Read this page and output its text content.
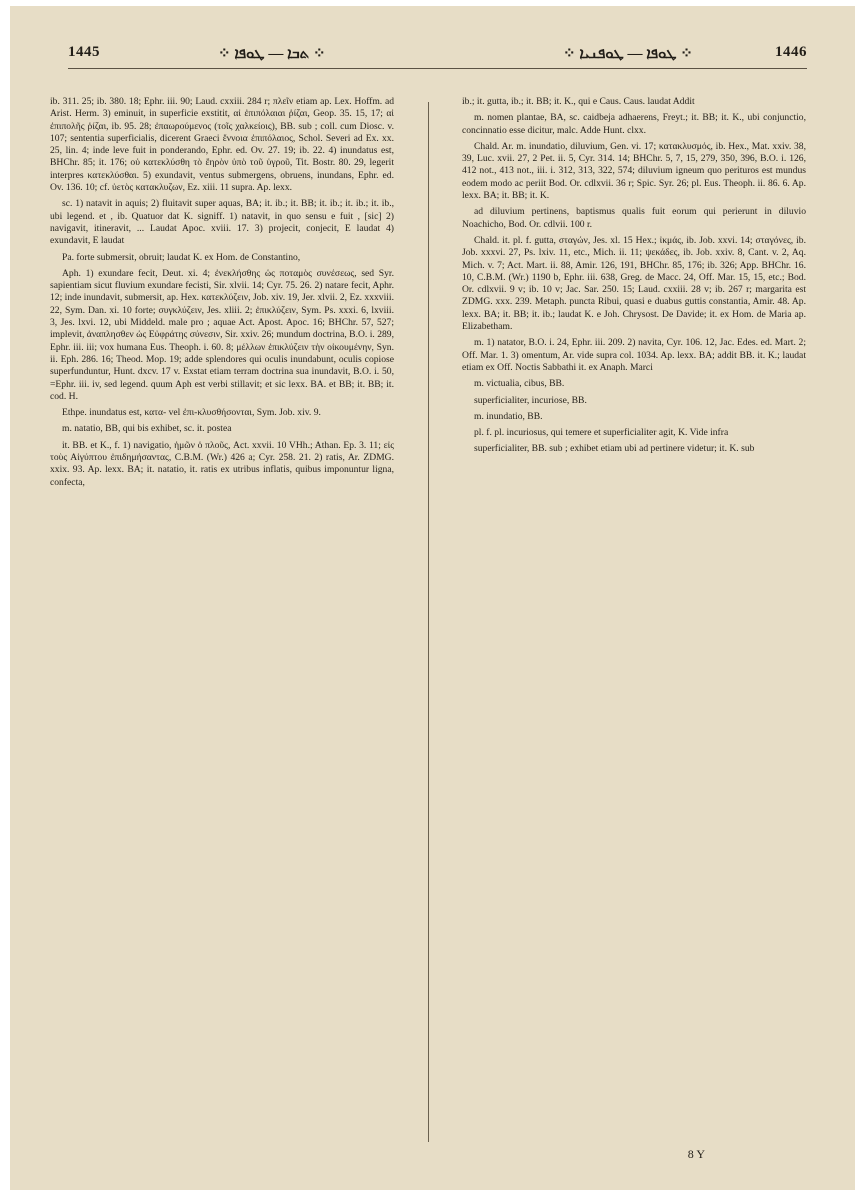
1445	⁘ ܬܒܐ — ܛܘܦܐ ⁘	⁘ ܛܘܦܐ — ܛܘܦܢܝܐ ⁘	1446

ib. 311. 25; ib. 380. 18; Ephr. iii. 90; Laud. cxxiii. 284 r; πλεῖν etiam ap. Lex. Hoffm. ad Arist. Herm. 3) eminuit, in superficie exstitit, αἱ ἐπιπόλαιαι ῥίζαι, Geop. 35. 15, 17; αἱ ἐπιπολῆς ῥίζαι, ib. 95. 28; ἐπαωρούμενος (τοῖς χαλκείοις), BB. sub ; coll. cum Diosc. v. 107; sententia superficialis, dicerent Graeci ἔννοια ἐπιπόλαιος, Schol. Severi ad Ex. xx. 25, lin. 4; inde leve fuit in ponderando, Ephr. ed. Ov. 27. 19; ib. 22. 4) inundatus est, BHChr. 85; it. 176; οὐ κατεκλύσθη τὸ ἔηρὸν ὑπὸ τοῦ ὑγροῦ, Tit. Bostr. 80. 29, legerit interpres κατεκλύσθαι. 5) exundavit, ventus submergens, obruens, inundans, Ephr. ed. Ov. 136. 10; cf. ὑετὸς κατακλυζων, Ez. xiii. 11 supra. Ap. lexx.

sc. 1) natavit in aquis; 2) fluitavit super aquas, BA; it. ib.; it. BB; it. ib.; it. ib.; it. ib., ubi legend. et , ib. Quatuor dat K. signiff. 1) natavit, in quo sensu e fuit , [sic] 2) navigavit, itineravit, ... Laudat Apoc. xviii. 17. 3) projecit, conjecit, E laudat 4) exundavit, E laudat

Pa. forte submersit, obruit; laudat K. ex Hom. de Constantino,

Aph. 1) exundare fecit, Deut. xi. 4; ἐνεκλήσθης ὡς ποταμὸς συνέσεως, sed Syr. sapientiam sicut fluvium exundare fecisti, Sir. xlvii. 14; Cyr. 75. 26. 2) natare fecit, Aphr. 12; inde inundavit, submersit, ap. Hex. κατεκλύζειν, Job. xiv. 19, Jer. xlvii. 2, Ez. xxxviii. 22, Sym. Dan. xi. 10 forte; συγκλύζειν, Jes. xliii. 2; ἐπικλύζειν, Sym. Ps. xxxi. 6, lxviii. 3, Jes. lxvi. 12, ubi Middeld. male pro ; aquae Act. Apost. Apoc. 16; BHChr. 57, 527; implevit, ἀναπλησθεν ὡς Εὐφράτης σύνεσιν, Sir. xxiv. 26; mundum doctrina, B.O. i. 289, Ephr. iii. iii; vox humana Eus. Theoph. i. 60. 8; μέλλων ἐπικλύζειν τὴν οἰκουμένην, Syn. ii. Eph. 286. 16; Theod. Mop. 19; adde splendores qui oculis inundabunt, oculis copiose superfunduntur, Hunt. dxcv. 17 v. Exstat etiam terram doctrina sua inundavit, B.O. i. 50, =Ephr. iii. iv, sed legend. quum Aph est verbi stillavit; et sic lexx. BA. et BB; it. BB; it. cod. H.

Ethpe. inundatus est, κατα- vel ἐπι-κλυσθήσονται, Sym. Job. xiv. 9.

m. natatio, BB, qui bis exhibet, sc. it. postea

it. BB. et K., f. 1) navigatio, ἡμῶν ὁ πλοῦς, Act. xxvii. 10 VHh.; Athan. Ep. 3. 11; εἰς τοὺς Αἰγύπτου ἐπιδημήσαντας, C.B.M. (Wr.) 426 a; Cyr. 258. 21. 2) ratis, Ar. ZDMG. xxix. 93. Ap. lexx. BA; it. natatio, it. ratis ex utribus inflatis, quibus imponuntur ligna, confecta,

ib.; it. gutta, ib.; it. BB; it. K., qui e Caus. Caus. laudat Addit

m. nomen plantae, BA, sc. caidbeja adhaerens, Freyt.; it. BB; it. K., ubi conjunctio, concinnatio esse dicitur, malc. Adde Hunt. clxx.

Chald. Ar. m. inundatio, diluvium, Gen. vi. 17; κατακλυσμός, ib. Hex., Mat. xxiv. 38, 39, Luc. xvii. 27, 2 Pet. ii. 5, Cyr. 314. 14; BHChr. 5, 7, 15, 279, 350, 396, B.O. i. 126, 412 not., 413 not., iii. i. 312, 313, 322, 574; diluvium igneum quo perituros est mundus eodem modo ac periit Bod. Or. cdlxvii. 36 r; Spic. Syr. 26; pl. Eus. Theoph. ii. 86. 6. Ap. lexx. BA; it. BB; it. K.

ad diluvium pertinens, baptismus qualis fuit eorum qui perierunt in diluvio Noachicho, Bod. Or. cdlvii. 100 r.

Chald. it. pl. f. gutta, σταγών, Jes. xl. 15 Hex.; ἰκμάς, ib. Job. xxvi. 14; σταγόνες, ib. Job. xxxvi. 27, Ps. lxiv. 11, etc., Mich. ii. 11; ψεκάδες, ib. Job. xxiv. 8, Cant. v. 2, Aq. Mich. v. 7; Act. Mart. ii. 88, Amir. 126, 191, BHChr. 85, 176; ib. 326; App. BHChr. 16. 10, C.B.M. (Wr.) 1190 b, Ephr. iii. 638, Greg. de Macc. 24, Off. Mar. 15, 15, etc.; Bod. Or. cdlxvii. 9 v; ib. 10 v; Jac. Sar. 250. 15; Laud. cxxiii. 28 v; ib. 267 r; margarita est ZDMG. xxx. 239. Metaph. puncta Ribui, quasi e duabus guttis constantia, Amir. 48. Ap. lexx. BA; it. BB; it. ib.; laudat K. e Joh. Chrysost. De Davide; it. ex Hom. de Maria ap. Elizabetham.

m. 1) natator, B.O. i. 24, Ephr. iii. 209. 2) navita, Cyr. 106. 12, Jac. Edes. ed. Mart. 2; Off. Mar. 1. 3) omentum, Ar. vide supra col. 1034. Ap. lexx. BA; addit BB. it. K.; laudat etiam ex Off. Noctis Sabbathi it. ex Anaph. Marci

m. victualia, cibus, BB.

superficialiter, incuriose, BB.

m. inundatio, BB.

pl. f. pl. incuriosus, qui temere et superficialiter agit, K. Vide infra

superficialiter, BB. sub ; exhibet etiam ubi ad pertinere videtur; it. K. sub

8 Y
